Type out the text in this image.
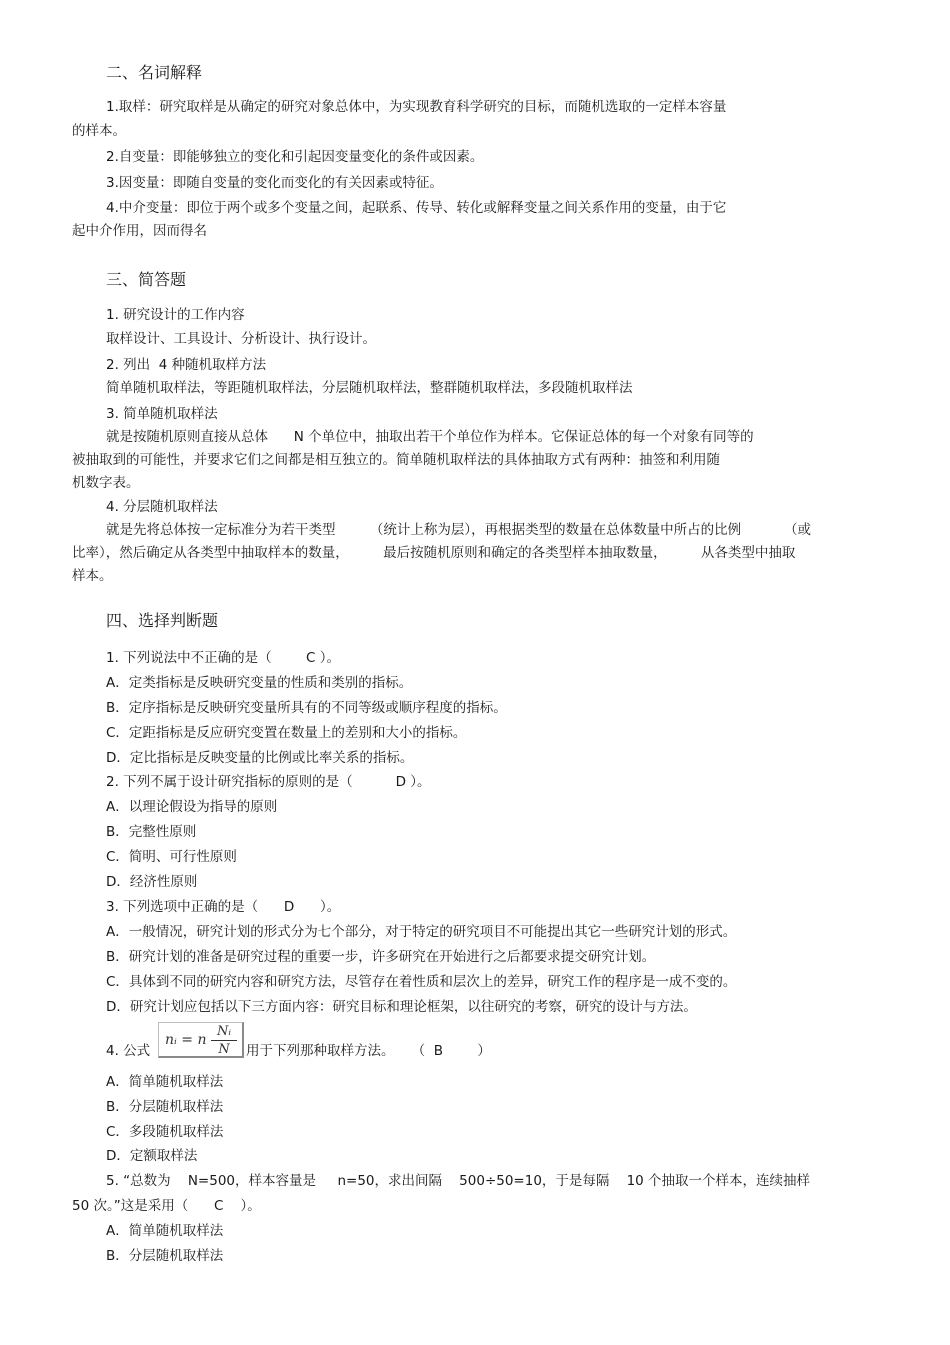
二、名词解释
1.取样：研究取样是从确定的研究对象总体中，为实现教育科学研究的目标，而随机选取的一定样本容量
的样本。
2.自变量：即能够独立的变化和引起因变量变化的条件或因素。
3.因变量：即随自变量的变化而变化的有关因素或特征。
4.中介变量：即位于两个或多个变量之间，起联系、传导、转化或解释变量之间关系作用的变量，由于它
起中介作用，因而得名
三、简答题
1. 研究设计的工作内容
取样设计、工具设计、分析设计、执行设计。
2. 列出  4 种随机取样方法
简单随机取样法，等距随机取样法，分层随机取样法，整群随机取样法，多段随机取样法
3. 简单随机取样法
就是按随机原则直接从总体      N 个单位中，抽取出若干个单位作为样本。它保证总体的每一个对象有同等的
被抽取到的可能性，并要求它们之间都是相互独立的。简单随机取样法的具体抽取方式有两种：抽签和利用随
机数字表。
4. 分层随机取样法
就是先将总体按一定标准分为若干类型        （统计上称为层），再根据类型的数量在总体数量中所占的比例          （或
比率），然后确定从各类型中抽取样本的数量，        最后按随机原则和确定的各类型样本抽取数量，        从各类型中抽取
样本。
四、选择判断题
1. 下列说法中不正确的是（        C ）。
A．定类指标是反映研究变量的性质和类别的指标。
B．定序指标是反映研究变量所具有的不同等级或顺序程度的指标。
C．定距指标是反应研究变置在数量上的差别和大小的指标。
D．定比指标是反映变量的比例或比率关系的指标。
2. 下列不属于设计研究指标的原则的是（          D ）。
A．以理论假设为指导的原则
B．完整性原则
C．简明、可行性原则
D．经济性原则
3. 下列选项中正确的是（      D      ）。
A．一般情况，研究计划的形式分为七个部分，对于特定的研究项目不可能提出其它一些研究计划的形式。
B．研究计划的准备是研究过程的重要一步，许多研究在开始进行之后都要求提交研究计划。
C．具体到不同的研究内容和研究方法，尽管存在着性质和层次上的差异，研究工作的程序是一成不变的。
D．研究计划应包括以下三方面内容：研究目标和理论框架，以往研究的考察，研究的设计与方法。
4. 公式
nᵢ = n
Nᵢ
N	用于下列那种取样方法。    （  B        ）
A．简单随机取样法
B．分层随机取样法
C．多段随机取样法
D．定额取样法
5. “总数为    N=500，样本容量是     n=50，求出间隔    500÷50=10，于是每隔    10 个抽取一个样本，连续抽样
50 次。”这是采用（      C    ）。
A．简单随机取样法
B．分层随机取样法
